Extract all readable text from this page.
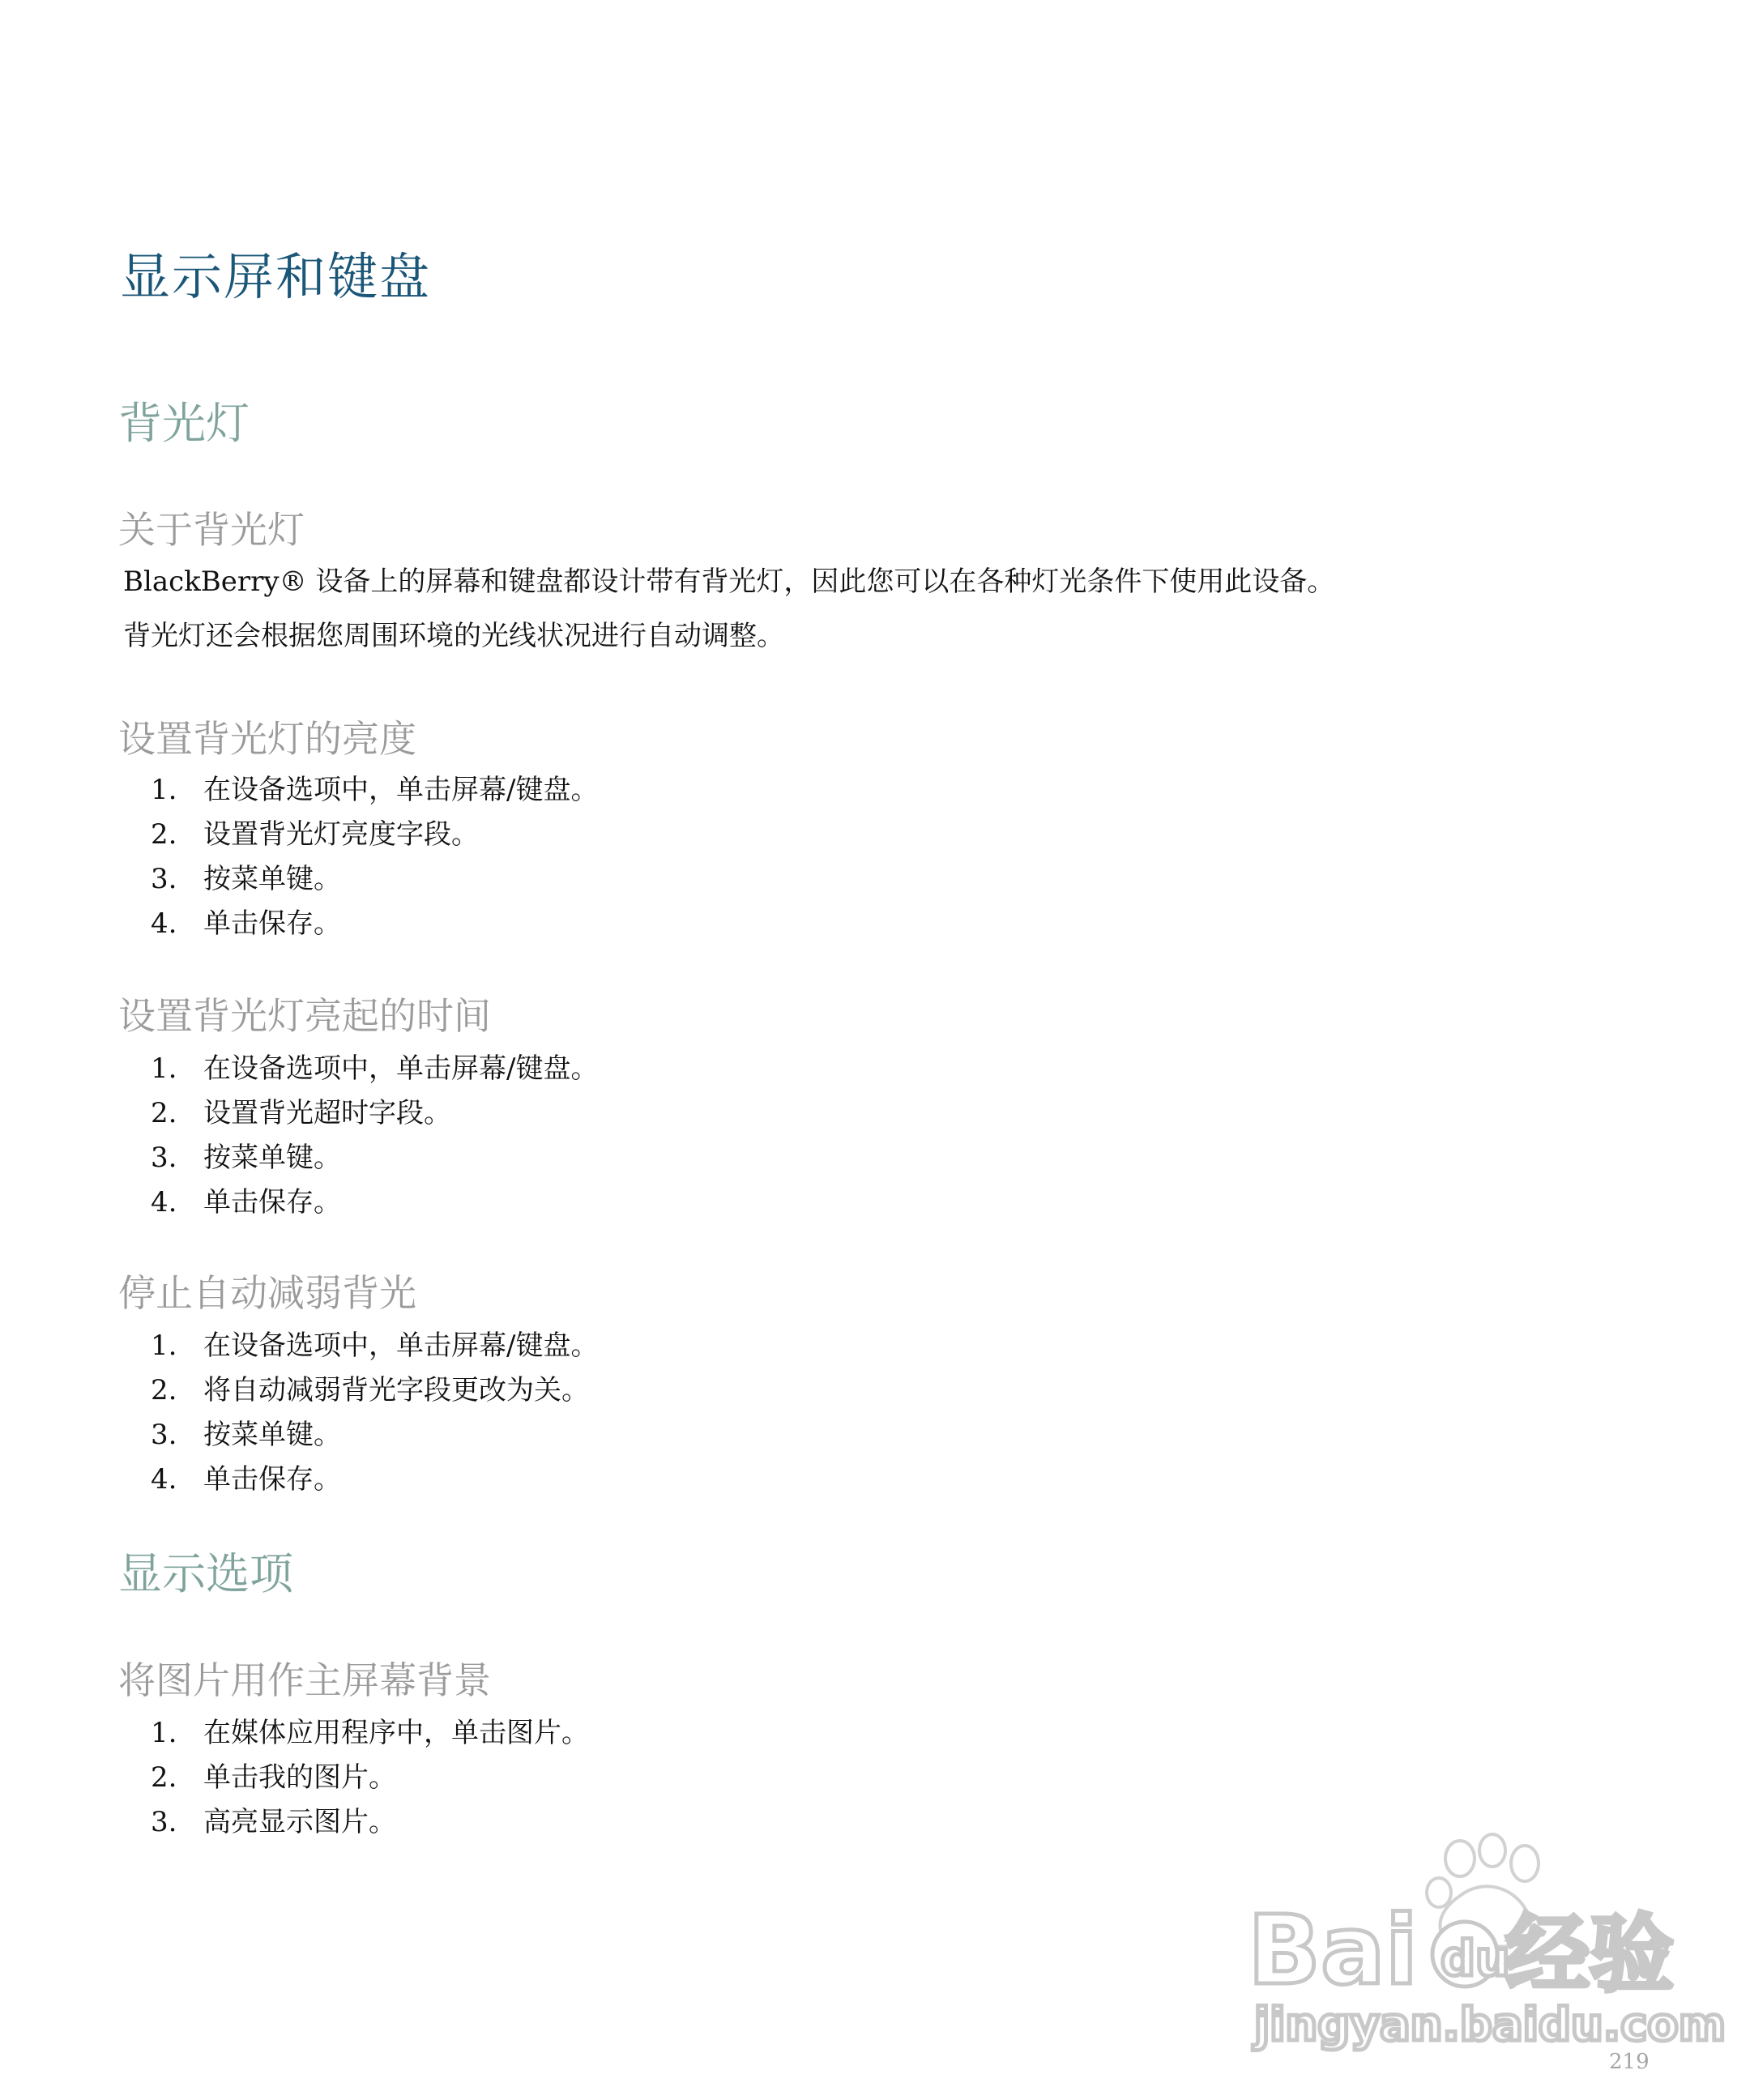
显示屏和键盘
背光灯
关于背光灯

BlackBerry® 设备上的屏幕和键盘都设计带有背光灯，因此您可以在各种灯光条件下使用此设备。

背光灯还会根据您周围环境的光线状况进行自动调整。

设置背光灯的亮度
1. 在设备选项中，单击屏幕/键盘。
2. 设置背光灯亮度字段。
3. 按菜单键。
4. 单击保存。
设置背光灯亮起的时间
1. 在设备选项中，单击屏幕/键盘。
2. 设置背光超时字段。
3. 按菜单键。
4. 单击保存。
停止自动减弱背光
1. 在设备选项中，单击屏幕/键盘。
2. 将自动减弱背光字段更改为关。
3. 按菜单键。
4. 单击保存。
显示选项
将图片用作主屏幕背景
1. 在媒体应用程序中，单击图片。
2. 单击我的图片。
3. 高亮显示图片。
Bai du
经验
jingyan.baidu.com
219
